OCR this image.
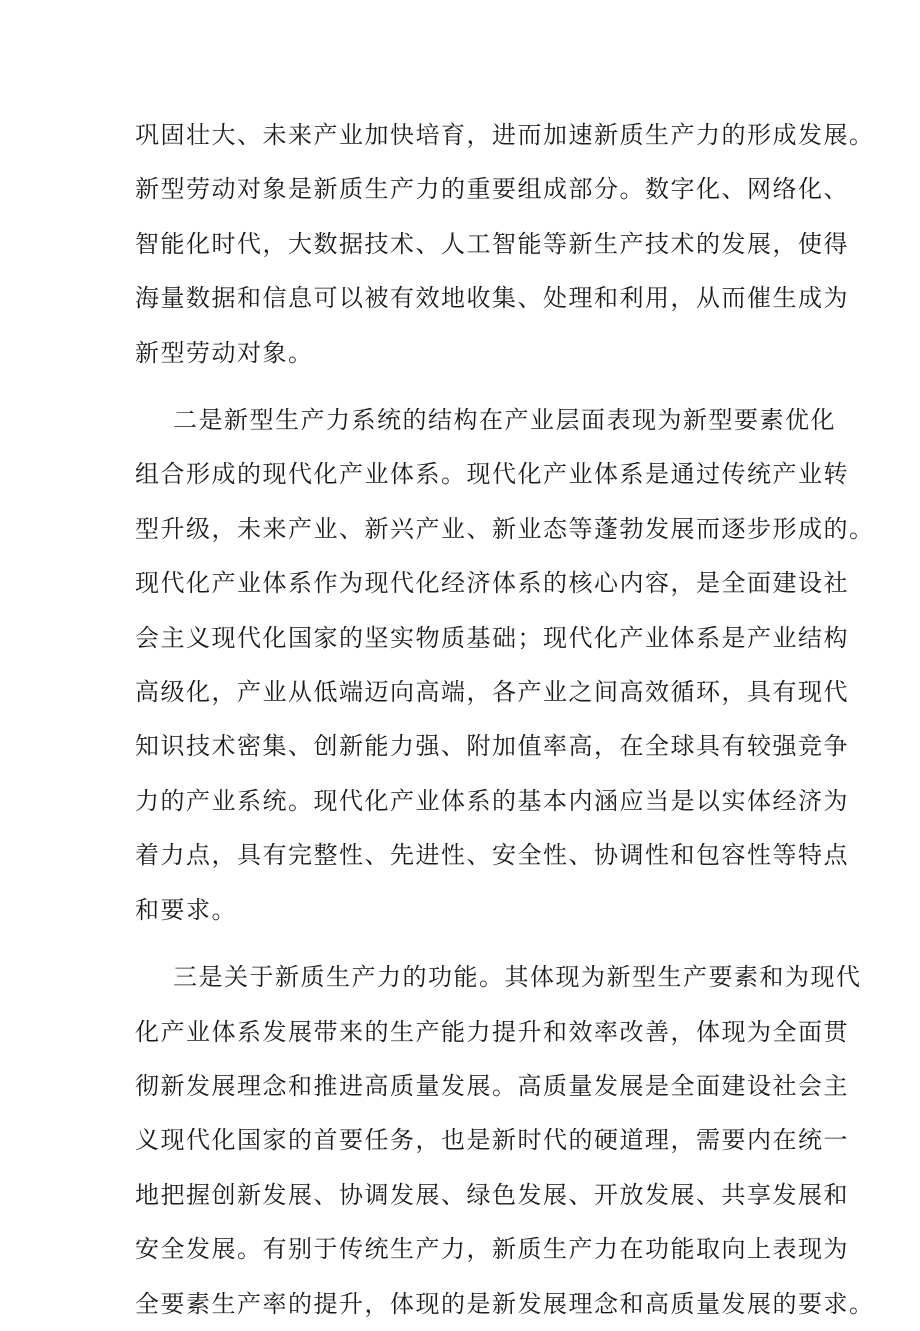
巩固壮大、未来产业加快培育，进而加速新质生产力的形成发展。
新型劳动对象是新质生产力的重要组成部分。数字化、网络化、
智能化时代，大数据技术、人工智能等新生产技术的发展，使得
海量数据和信息可以被有效地收集、处理和利用，从而催生成为
新型劳动对象。

二是新型生产力系统的结构在产业层面表现为新型要素优化
组合形成的现代化产业体系。现代化产业体系是通过传统产业转
型升级，未来产业、新兴产业、新业态等蓬勃发展而逐步形成的。
现代化产业体系作为现代化经济体系的核心内容，是全面建设社
会主义现代化国家的坚实物质基础；现代化产业体系是产业结构
高级化，产业从低端迈向高端，各产业之间高效循环，具有现代
知识技术密集、创新能力强、附加值率高，在全球具有较强竞争
力的产业系统。现代化产业体系的基本内涵应当是以实体经济为
着力点，具有完整性、先进性、安全性、协调性和包容性等特点
和要求。

三是关于新质生产力的功能。其体现为新型生产要素和为现代
化产业体系发展带来的生产能力提升和效率改善，体现为全面贯
彻新发展理念和推进高质量发展。高质量发展是全面建设社会主
义现代化国家的首要任务，也是新时代的硬道理，需要内在统一
地把握创新发展、协调发展、绿色发展、开放发展、共享发展和
安全发展。有别于传统生产力，新质生产力在功能取向上表现为
全要素生产率的提升，体现的是新发展理念和高质量发展的要求。
